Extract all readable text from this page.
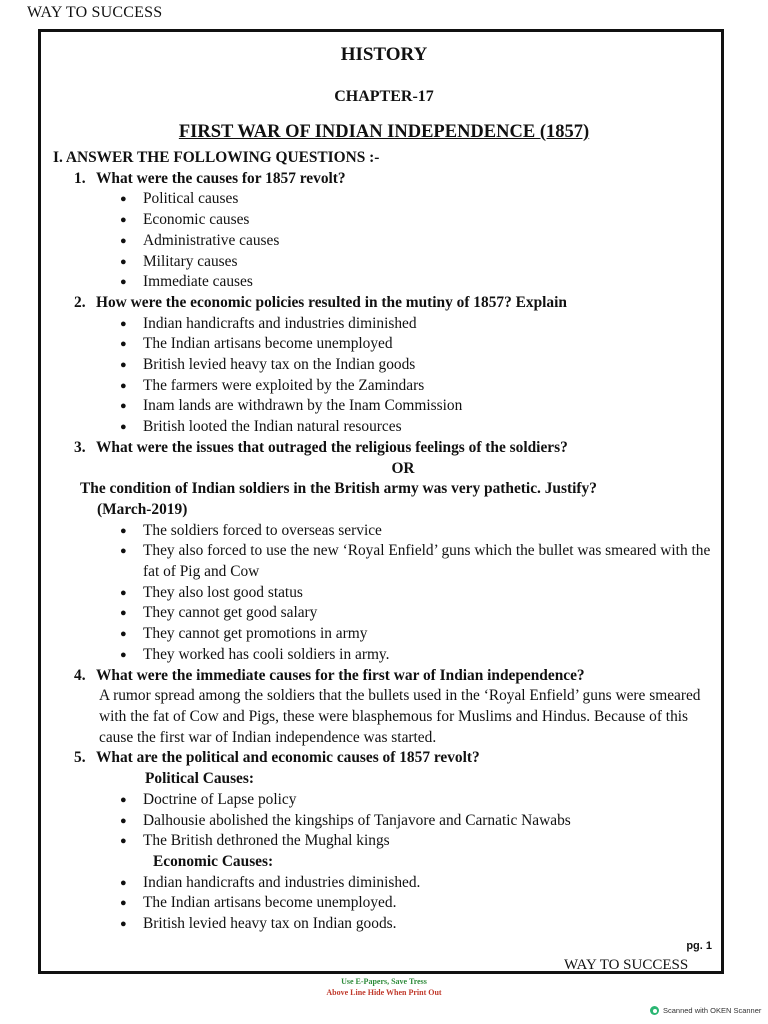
WAY TO SUCCESS
HISTORY
CHAPTER-17
FIRST WAR OF INDIAN INDEPENDENCE (1857)
I. ANSWER THE FOLLOWING QUESTIONS :-
1. What were the causes for 1857 revolt?
● Political causes
● Economic causes
● Administrative causes
● Military causes
● Immediate causes
2. How were the economic policies resulted in the mutiny of 1857? Explain
● Indian handicrafts and industries diminished
● The Indian artisans become unemployed
● British levied heavy tax on the Indian goods
● The farmers were exploited by the Zamindars
● Inam lands are withdrawn by the Inam Commission
● British looted the Indian natural resources
3. What were the issues that outraged the religious feelings of the soldiers?
OR
The condition of Indian soldiers in the British army was very pathetic. Justify?
(March-2019)
● The soldiers forced to overseas service
● They also forced to use the new ‘Royal Enfield’ guns which the bullet was smeared with the fat of Pig and Cow
● They also lost good status
● They cannot get good salary
● They cannot get promotions in army
● They worked has cooli soldiers in army.
4. What were the immediate causes for the first war of Indian independence?
A rumor spread among the soldiers that the bullets used in the ‘Royal Enfield’ guns were smeared with the fat of Cow and Pigs, these were blasphemous for Muslims and Hindus. Because of this cause the first war of Indian independence was started.
5. What are the political and economic causes of 1857 revolt?
Political Causes:
● Doctrine of Lapse policy
● Dalhousie abolished the kingships of Tanjavore and Carnatic Nawabs
● The British dethroned the Mughal kings
Economic Causes:
● Indian handicrafts and industries diminished.
● The Indian artisans become unemployed.
● British levied heavy tax on Indian goods.
pg. 1
WAY TO SUCCESS
Use E-Papers, Save Tress
Above Line Hide When Print Out
Scanned with OKEN Scanner
